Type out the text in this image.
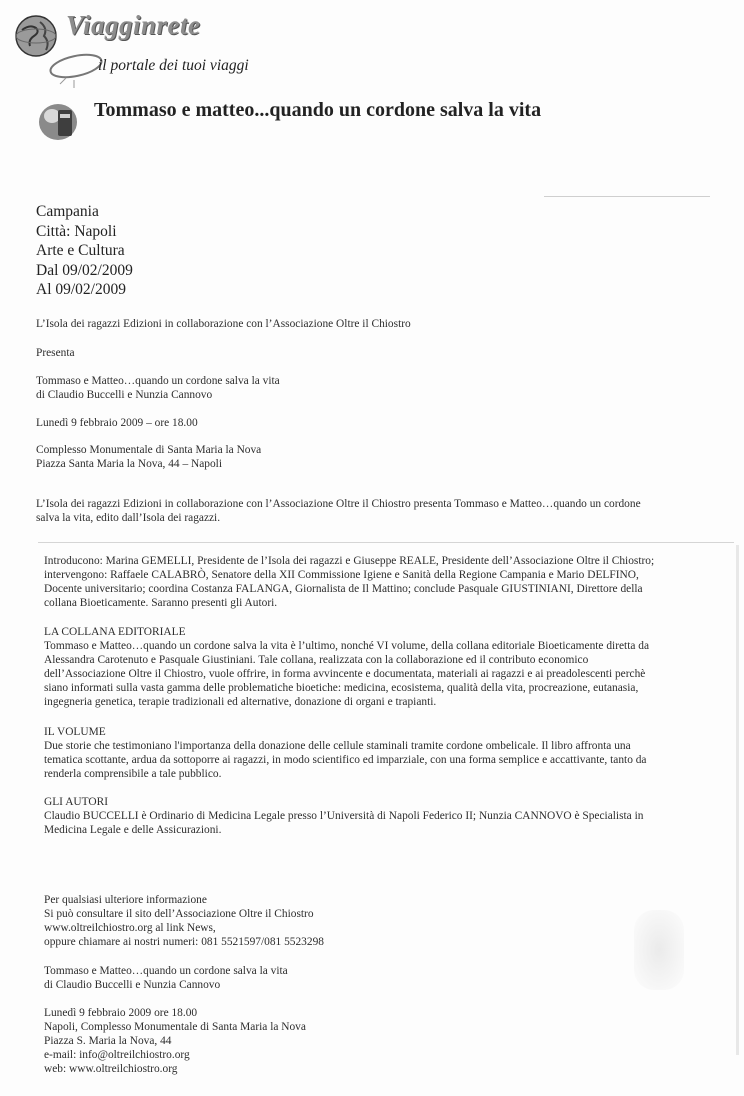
Viagginrete
il portale dei tuoi viaggi
Tommaso e matteo...quando un cordone salva la vita
Campania
Città: Napoli
Arte e Cultura
Dal 09/02/2009
Al 09/02/2009
L’Isola dei ragazzi Edizioni in collaborazione con l’Associazione Oltre il Chiostro
Presenta
Tommaso e Matteo…quando un cordone salva la vita
di Claudio Buccelli e Nunzia Cannovo
Lunedì 9 febbraio 2009 – ore 18.00
Complesso Monumentale di Santa Maria la Nova
Piazza Santa Maria la Nova, 44 – Napoli
L’Isola dei ragazzi Edizioni in collaborazione con l’Associazione Oltre il Chiostro presenta Tommaso e Matteo…quando un cordone
salva la vita, edito dall’Isola dei ragazzi.
Introducono: Marina GEMELLI, Presidente de l’Isola dei ragazzi e Giuseppe REALE, Presidente dell’Associazione Oltre il Chiostro;
intervengono: Raffaele CALABRÒ, Senatore della XII Commissione Igiene e Sanità della Regione Campania e Mario DELFINO,
Docente universitario; coordina Costanza FALANGA, Giornalista de Il Mattino; conclude Pasquale GIUSTINIANI, Direttore della
collana Bioeticamente. Saranno presenti gli Autori.
LA COLLANA EDITORIALE
Tommaso e Matteo…quando un cordone salva la vita è l’ultimo, nonché VI volume, della collana editoriale Bioeticamente diretta da
Alessandra Carotenuto e Pasquale Giustiniani. Tale collana, realizzata con la collaborazione ed il contributo economico
dell’Associazione Oltre il Chiostro, vuole offrire, in forma avvincente e documentata, materiali ai ragazzi e ai preadolescenti perchè
siano informati sulla vasta gamma delle problematiche bioetiche: medicina, ecosistema, qualità della vita, procreazione, eutanasia,
ingegneria genetica, terapie tradizionali ed alternative, donazione di organi e trapianti.
IL VOLUME
Due storie che testimoniano l'importanza della donazione delle cellule staminali tramite cordone ombelicale. Il libro affronta una
tematica scottante, ardua da sottoporre ai ragazzi, in modo scientifico ed imparziale, con una forma semplice e accattivante, tanto da
renderla comprensibile a tale pubblico.
GLI AUTORI
Claudio BUCCELLI è Ordinario di Medicina Legale presso l’Università di Napoli Federico II; Nunzia CANNOVO è Specialista in
Medicina Legale e delle Assicurazioni.
Per qualsiasi ulteriore informazione
Si può consultare il sito dell’Associazione Oltre il Chiostro
www.oltreilchiostro.org al link News,
oppure chiamare ai nostri numeri: 081 5521597/081 5523298
Tommaso e Matteo…quando un cordone salva la vita
di Claudio Buccelli e Nunzia Cannovo
Lunedì 9 febbraio 2009 ore 18.00
Napoli, Complesso Monumentale di Santa Maria la Nova
Piazza S. Maria la Nova, 44
e-mail: info@oltreilchiostro.org
web: www.oltreilchiostro.org
